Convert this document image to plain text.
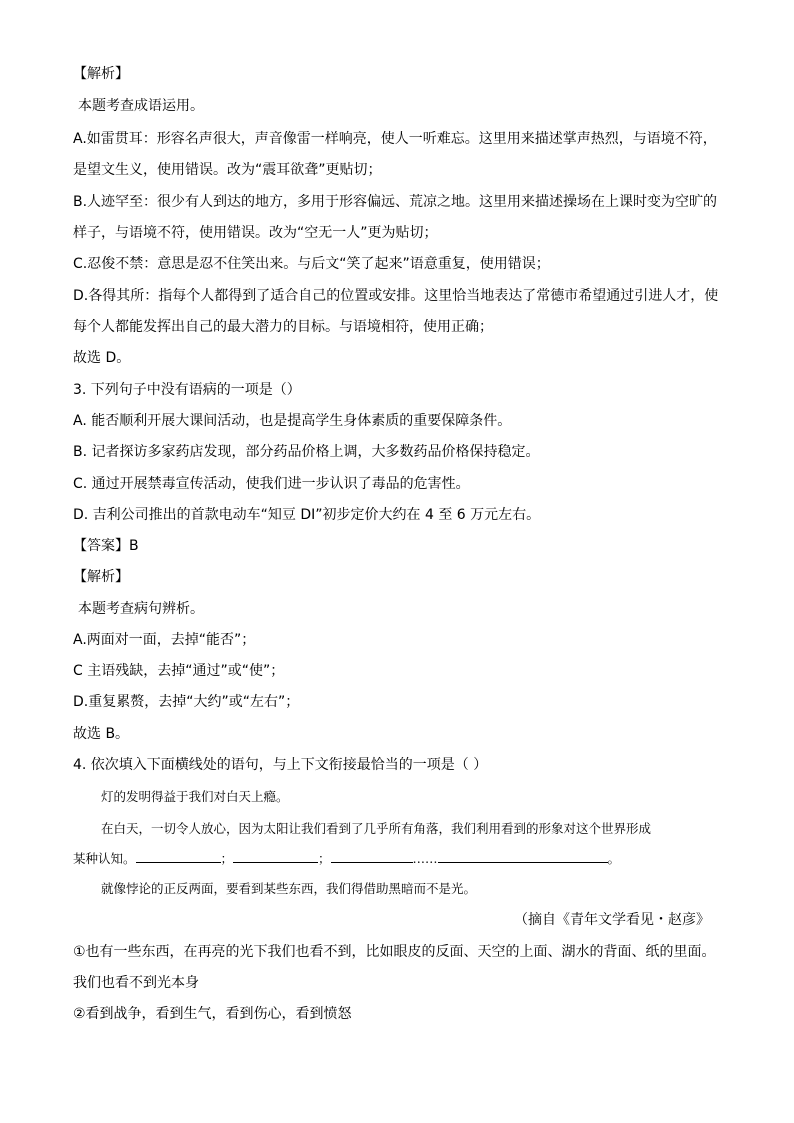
【解析】
本题考查成语运用。
A.如雷贯耳：形容名声很大，声音像雷一样响亮，使人一听难忘。这里用来描述掌声热烈，与语境不符，
是望文生义，使用错误。改为“震耳欲聋”更贴切；
B.人迹罕至：很少有人到达的地方，多用于形容偏远、荒凉之地。这里用来描述操场在上课时变为空旷的
样子，与语境不符，使用错误。改为“空无一人”更为贴切；
C.忍俊不禁：意思是忍不住笑出来。与后文“笑了起来”语意重复，使用错误；
D.各得其所：指每个人都得到了适合自己的位置或安排。这里恰当地表达了常德市希望通过引进人才，使
每个人都能发挥出自己的最大潜力的目标。与语境相符，使用正确；
故选 D。
3. 下列句子中没有语病的一项是（）
A. 能否顺利开展大课间活动，也是提高学生身体素质的重要保障条件。
B. 记者探访多家药店发现，部分药品价格上调，大多数药品价格保持稳定。
C. 通过开展禁毒宣传活动，使我们进一步认识了毒品的危害性。
D. 吉利公司推出的首款电动车“知豆 DI”初步定价大约在 4 至 6 万元左右。
【答案】B
【解析】
本题考查病句辨析。
A.两面对一面，去掉“能否”；
C 主语残缺，去掉“通过”或“使”；
D.重复累赘，去掉“大约”或“左右”；
故选 B。
4. 依次填入下面横线处的语句，与上下文衔接最恰当的一项是（ ）
灯的发明得益于我们对白天上瘾。
在白天，一切令人放心，因为太阳让我们看到了几乎所有角落，我们利用看到的形象对这个世界形成
某种认知。	；	；	……	。
就像悖论的正反两面，要看到某些东西，我们得借助黑暗而不是光。
（摘自《青年文学看见・赵彦》
①也有一些东西，在再亮的光下我们也看不到，比如眼皮的反面、天空的上面、湖水的背面、纸的里面。
我们也看不到光本身
②看到战争，看到生气，看到伤心，看到愤怒
